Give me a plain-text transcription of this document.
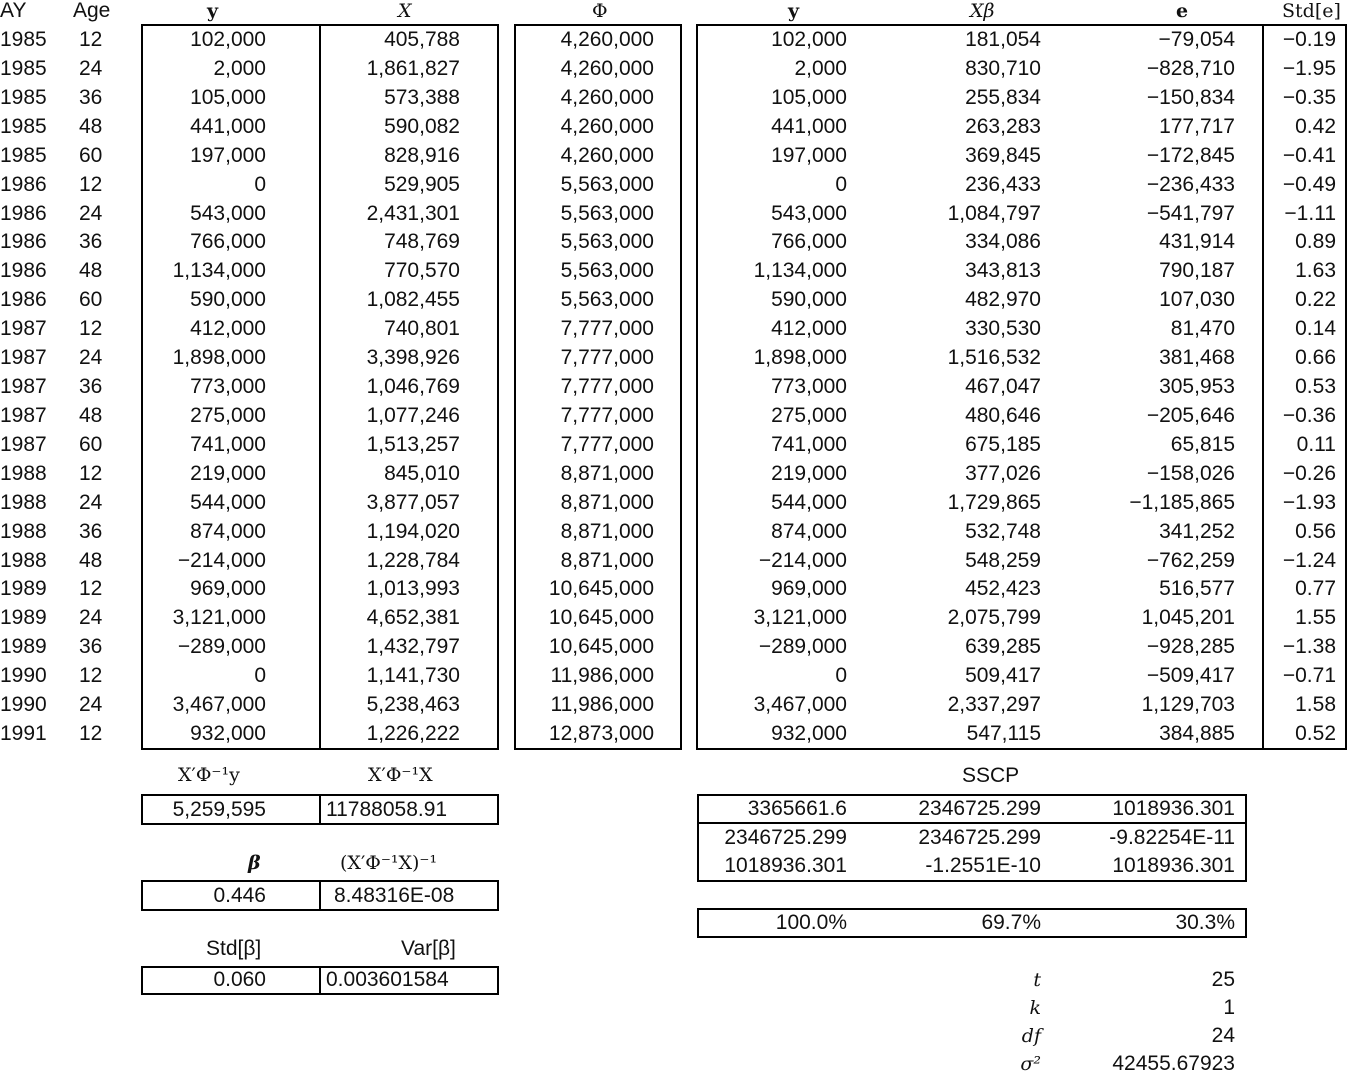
AY Age	y	X	Φ	y	Xβ	e	Std[e]
1985 12	102,000	405,788	4,260,000	102,000	181,054	−79,054	−0.19
1985 24	2,000	1,861,827	4,260,000	2,000	830,710	−828,710	−1.95
1985 36	105,000	573,388	4,260,000	105,000	255,834	−150,834	−0.35
1985 48	441,000	590,082	4,260,000	441,000	263,283	177,717	0.42
1985 60	197,000	828,916	4,260,000	197,000	369,845	−172,845	−0.41
1986 12	0	529,905	5,563,000	0	236,433	−236,433	−0.49
1986 24	543,000	2,431,301	5,563,000	543,000	1,084,797	−541,797	−1.11
1986 36	766,000	748,769	5,563,000	766,000	334,086	431,914	0.89
1986 48	1,134,000	770,570	5,563,000	1,134,000	343,813	790,187	1.63
1986 60	590,000	1,082,455	5,563,000	590,000	482,970	107,030	0.22
1987 12	412,000	740,801	7,777,000	412,000	330,530	81,470	0.14
1987 24	1,898,000	3,398,926	7,777,000	1,898,000	1,516,532	381,468	0.66
1987 36	773,000	1,046,769	7,777,000	773,000	467,047	305,953	0.53
1987 48	275,000	1,077,246	7,777,000	275,000	480,646	−205,646	−0.36
1987 60	741,000	1,513,257	7,777,000	741,000	675,185	65,815	0.11
1988 12	219,000	845,010	8,871,000	219,000	377,026	−158,026	−0.26
1988 24	544,000	3,877,057	8,871,000	544,000	1,729,865	−1,185,865	−1.93
1988 36	874,000	1,194,020	8,871,000	874,000	532,748	341,252	0.56
1988 48	−214,000	1,228,784	8,871,000	−214,000	548,259	−762,259	−1.24
1989 12	969,000	1,013,993	10,645,000	969,000	452,423	516,577	0.77
1989 24	3,121,000	4,652,381	10,645,000	3,121,000	2,075,799	1,045,201	1.55
1989 36	−289,000	1,432,797	10,645,000	−289,000	639,285	−928,285	−1.38
1990 12	0	1,141,730	11,986,000	0	509,417	−509,417	−0.71
1990 24	3,467,000	5,238,463	11,986,000	3,467,000	2,337,297	1,129,703	1.58
1991 12	932,000	1,226,222	12,873,000	932,000	547,115	384,885	0.52
X′Φ⁻¹y	X′Φ⁻¹X
5,259,595	11788058.91
β	(X′Φ⁻¹X)⁻¹
0.446	8.48316E-08
Std[β]	Var[β]
0.060	0.003601584
SSCP
3365661.6	2346725.299	1018936.301
2346725.299	2346725.299	-9.82254E-11
1018936.301	-1.2551E-10	1018936.301
100.0%	69.7%	30.3%
t	25
k	1
df	24
σ²	42455.67923
